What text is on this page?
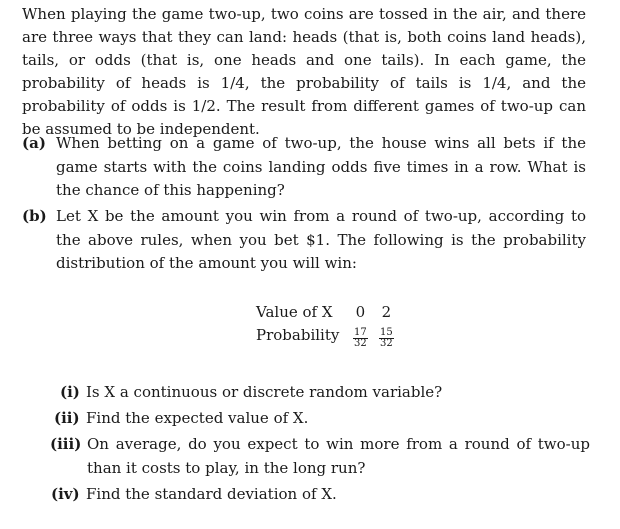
When playing the game two-up, two coins are tossed in the air, and there are three ways that they can land: heads (that is, both coins land heads), tails, or odds (that is, one heads and one tails). In each game, the probability of heads is 1/4, the probability of tails is 1/4, and the probability of odds is 1/2. The result from different games of two-up can be assumed to be independent.

(a) When betting on a game of two-up, the house wins all bets if the game starts with the coins landing odds five times in a row. What is the chance of this happening?

(b) Let X be the amount you win from a round of two-up, according to the above rules, when you bet $1. The following is the probability distribution of the amount you will win:

Value of X	0	2
Probability	$\frac{17}{32}$	$\frac{15}{32}$
(i) Is X a continuous or discrete random variable?

(ii) Find the expected value of X.

(iii) On average, do you expect to win more from a round of two-up than it costs to play, in the long run?

(iv) Find the standard deviation of X.
